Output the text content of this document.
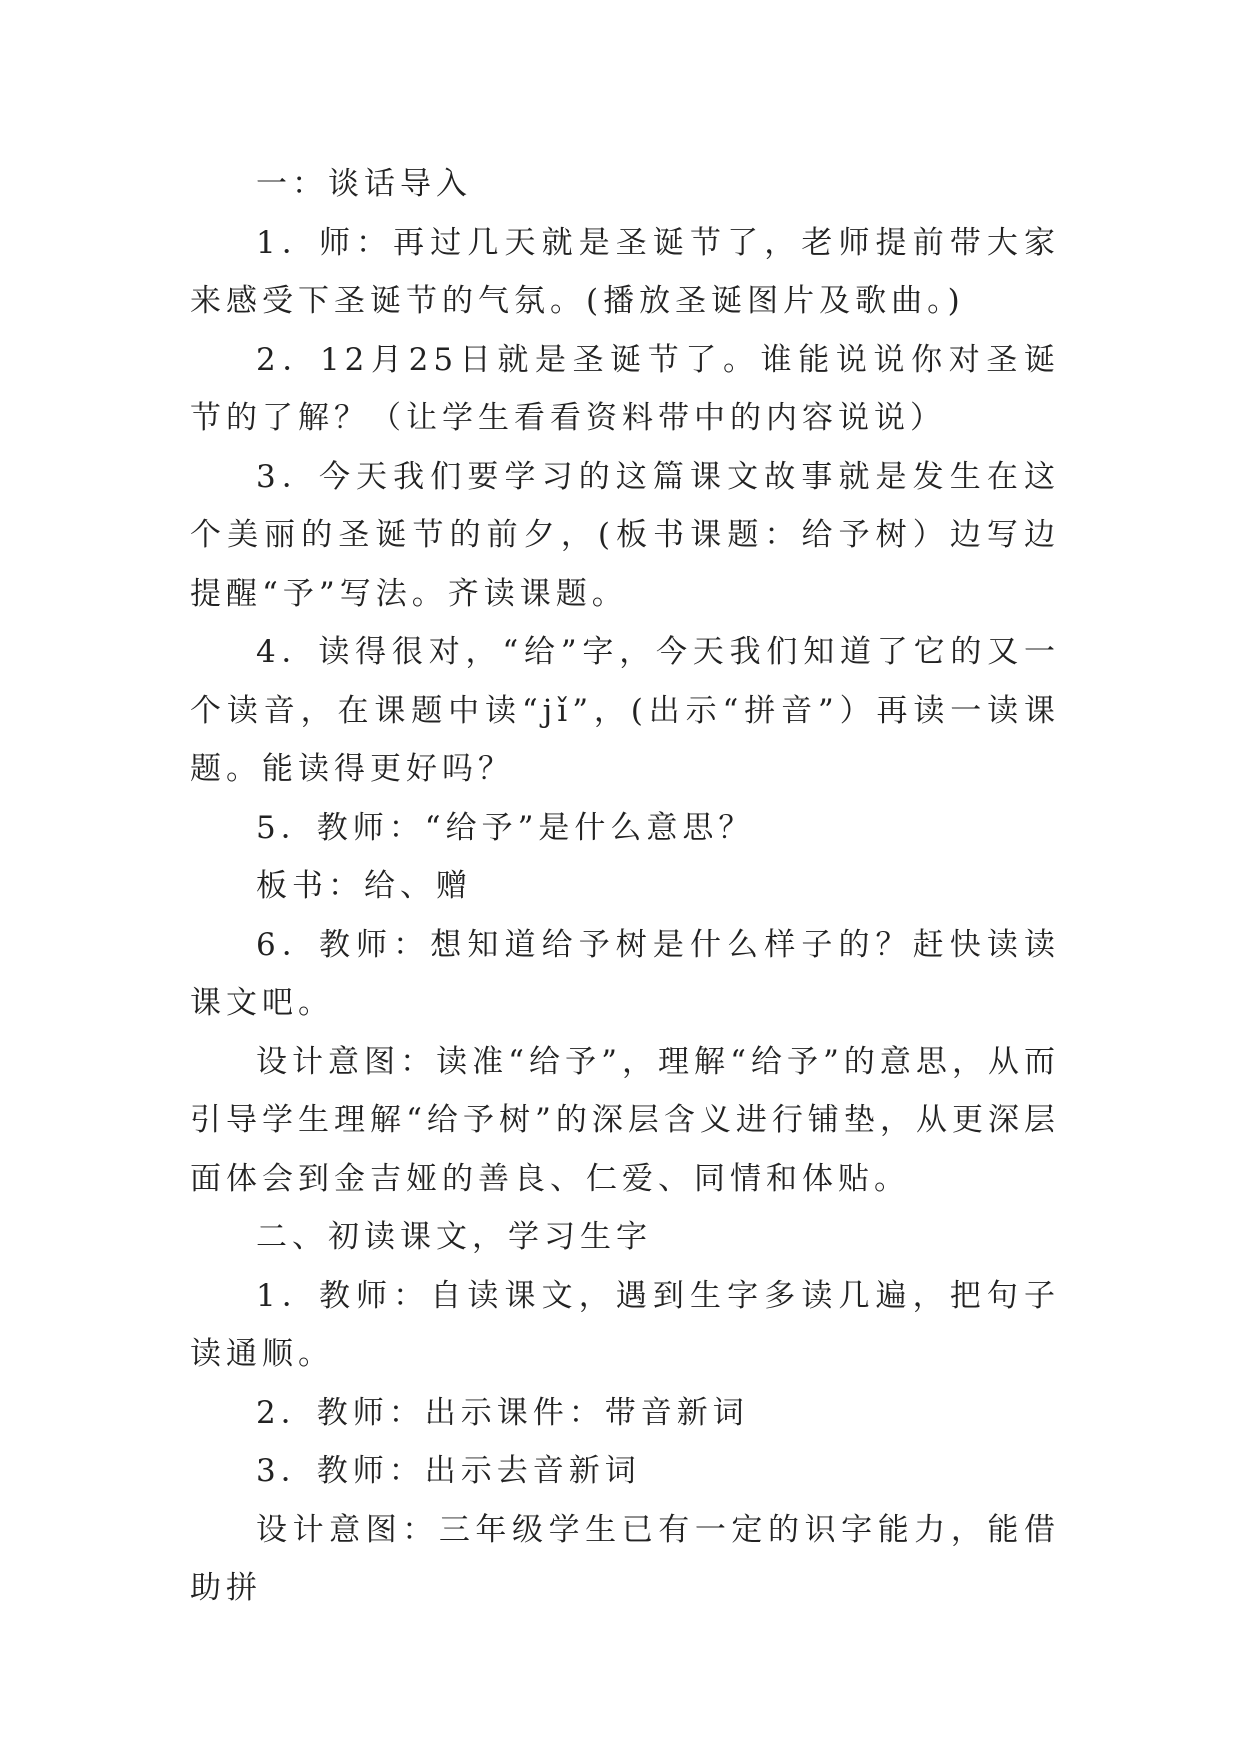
一：谈话导入

1．师：再过几天就是圣诞节了，老师提前带大家来感受下圣诞节的气氛。(播放圣诞图片及歌曲。)

2．12月25日就是圣诞节了。谁能说说你对圣诞节的了解？（让学生看看资料带中的内容说说）

3．今天我们要学习的这篇课文故事就是发生在这个美丽的圣诞节的前夕，(板书课题：给予树）边写边提醒“予”写法。齐读课题。

4．读得很对，“给”字，今天我们知道了它的又一个读音，在课题中读“jǐ”，(出示“拼音”）再读一读课题。能读得更好吗？

5．教师：“给予”是什么意思？

板书：给、赠

6．教师：想知道给予树是什么样子的？赶快读读课文吧。

设计意图：读准“给予”，理解“给予”的意思，从而引导学生理解“给予树”的深层含义进行铺垫，从更深层面体会到金吉娅的善良、仁爱、同情和体贴。

二、初读课文，学习生字

1．教师：自读课文，遇到生字多读几遍，把句子读通顺。

2．教师：出示课件：带音新词

3．教师：出示去音新词

设计意图：三年级学生已有一定的识字能力，能借助拼
